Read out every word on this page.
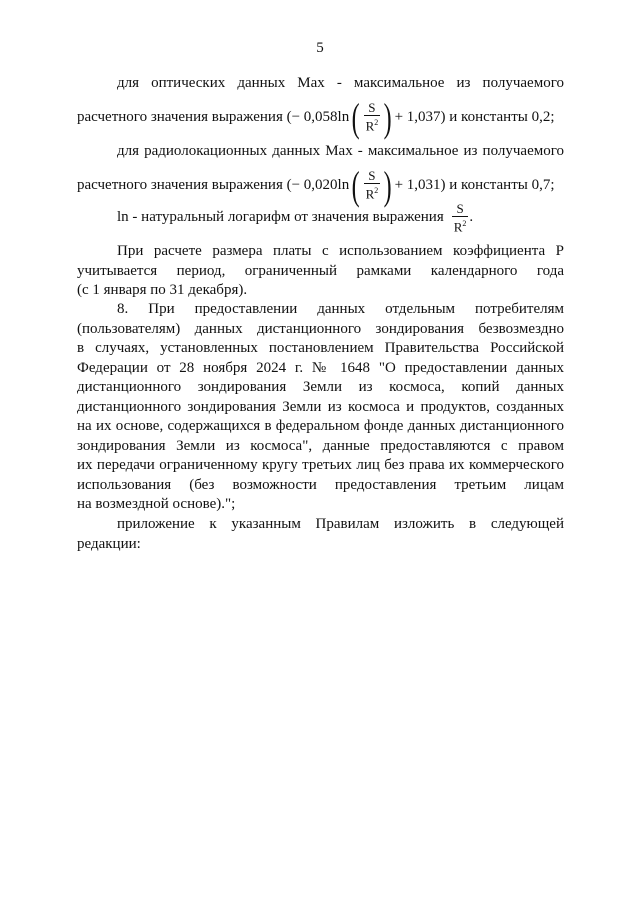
5
для оптических данных Max - максимальное из получаемого
расчетного значения выражения ( − 0,058ln ( $\frac{S}{R^2}$ ) + 1,037 ) и константы 0,2;
для радиолокационных данных Max - максимальное из получаемого
расчетного значения выражения ( − 0,020ln ( $\frac{S}{R^2}$ ) + 1,031 ) и константы 0,7;
ln - натуральный логарифм от значения выражения $\frac{S}{R^2}$ .
При расчете размера платы с использованием коэффициента P
учитывается период, ограниченный рамками календарного года
(с 1 января по 31 декабря).
8. При предоставлении данных отдельным потребителям
(пользователям) данных дистанционного зондирования безвозмездно
в случаях, установленных постановлением Правительства Российской
Федерации от 28 ноября 2024 г. № 1648 "О предоставлении данных
дистанционного зондирования Земли из космоса, копий данных
дистанционного зондирования Земли из космоса и продуктов, созданных
на их основе, содержащихся в федеральном фонде данных дистанционного
зондирования Земли из космоса", данные предоставляются с правом
их передачи ограниченному кругу третьих лиц без права их коммерческого
использования (без возможности предоставления третьим лицам
на возмездной основе).";
приложение к указанным Правилам изложить в следующей
редакции:
